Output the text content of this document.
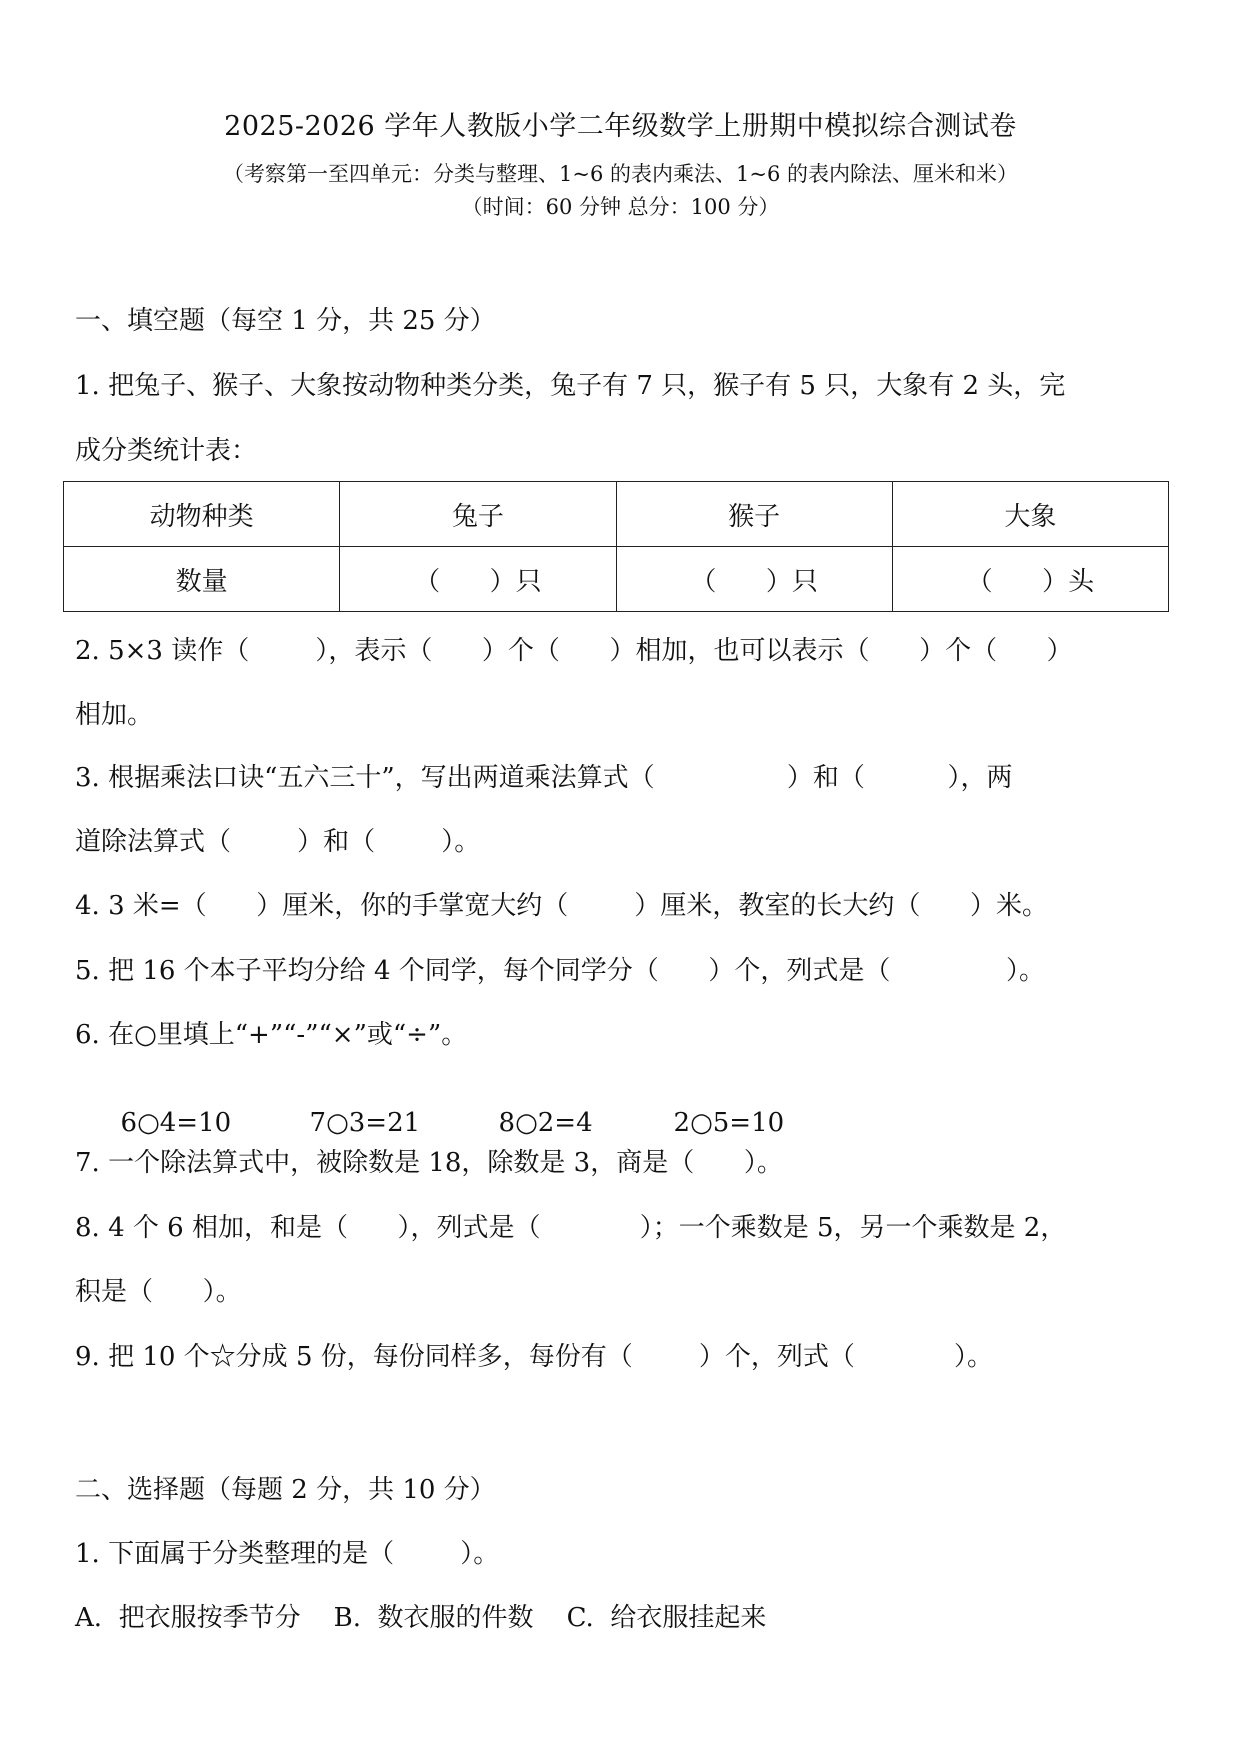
2025-2026 学年人教版小学二年级数学上册期中模拟综合测试卷
（考察第一至四单元：分类与整理、1~6 的表内乘法、1~6 的表内除法、厘米和米）
（时间：60 分钟 总分：100 分）
一、填空题（每空 1 分，共 25 分）
1. 把兔子、猴子、大象按动物种类分类，兔子有 7 只，猴子有 5 只，大象有 2 头，完
成分类统计表：
动物种类	兔子	猴子	大象
数量	（      ）只	（      ）只	（      ）头
2. 5×3 读作（        ），表示（      ）个（      ）相加，也可以表示（      ）个（      ）
相加。
3. 根据乘法口诀“五六三十”，写出两道乘法算式（                ）和（          ），两
道除法算式（        ）和（        ）。
4. 3 米=（      ）厘米，你的手掌宽大约（        ）厘米，教室的长大约（      ）米。
5. 把 16 个本子平均分给 4 个同学，每个同学分（      ）个，列式是（              ）。
6. 在○里填上“+”“-”“×”或“÷”。

6○4=10	7○3=21	8○2=4	2○5=10

7. 一个除法算式中，被除数是 18，除数是 3，商是（      ）。
8. 4 个 6 相加，和是（      ），列式是（            ）；一个乘数是 5，另一个乘数是 2，
积是（      ）。
9. 把 10 个☆分成 5 份，每份同样多，每份有（        ）个，列式（            ）。
二、选择题（每题 2 分，共 10 分）
1. 下面属于分类整理的是（        ）。
A.  把衣服按季节分    B.  数衣服的件数    C.  给衣服挂起来
